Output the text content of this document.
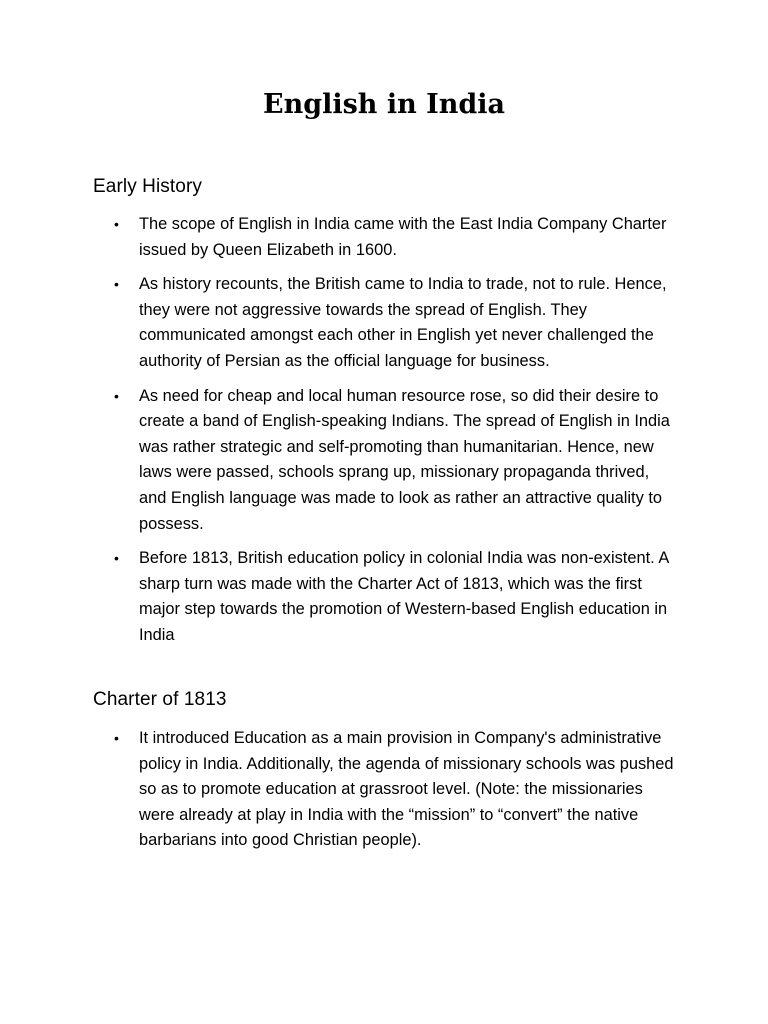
English in India
Early History
• The scope of English in India came with the East India Company Charter issued by Queen Elizabeth in 1600.
• As history recounts, the British came to India to trade, not to rule. Hence, they were not aggressive towards the spread of English. They communicated amongst each other in English yet never challenged the authority of Persian as the official language for business.
• As need for cheap and local human resource rose, so did their desire to create a band of English-speaking Indians. The spread of English in India was rather strategic and self-promoting than humanitarian. Hence, new laws were passed, schools sprang up, missionary propaganda thrived, and English language was made to look as rather an attractive quality to possess.
• Before 1813, British education policy in colonial India was non-existent. A sharp turn was made with the Charter Act of 1813, which was the first major step towards the promotion of Western-based English education in India
Charter of 1813
• It introduced Education as a main provision in Company's administrative policy in India. Additionally, the agenda of missionary schools was pushed so as to promote education at grassroot level. (Note: the missionaries were already at play in India with the “mission” to “convert” the native barbarians into good Christian people).
